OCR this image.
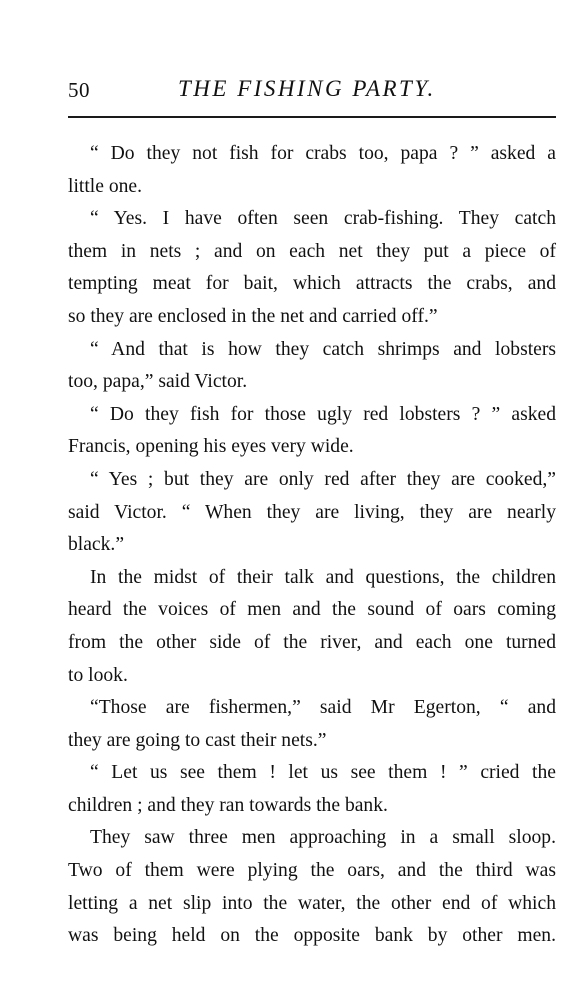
50	THE FISHING PARTY.
“ Do they not fish for crabs too, papa ? ” asked a
little one.
“ Yes. I have often seen crab-fishing. They catch
them in nets ; and on each net they put a piece of
tempting meat for bait, which attracts the crabs, and
so they are enclosed in the net and carried off.”
“ And that is how they catch shrimps and lobsters
too, papa,” said Victor.
“ Do they fish for those ugly red lobsters ? ” asked
Francis, opening his eyes very wide.
“ Yes ; but they are only red after they are cooked,”
said Victor. “ When they are living, they are nearly
black.”
In the midst of their talk and questions, the children
heard the voices of men and the sound of oars coming
from the other side of the river, and each one turned
to look.
“Those are fishermen,” said Mr Egerton, “ and
they are going to cast their nets.”
“ Let us see them ! let us see them ! ” cried the
children ; and they ran towards the bank.
They saw three men approaching in a small sloop.
Two of them were plying the oars, and the third was
letting a net slip into the water, the other end of which
was being held on the opposite bank by other men.
